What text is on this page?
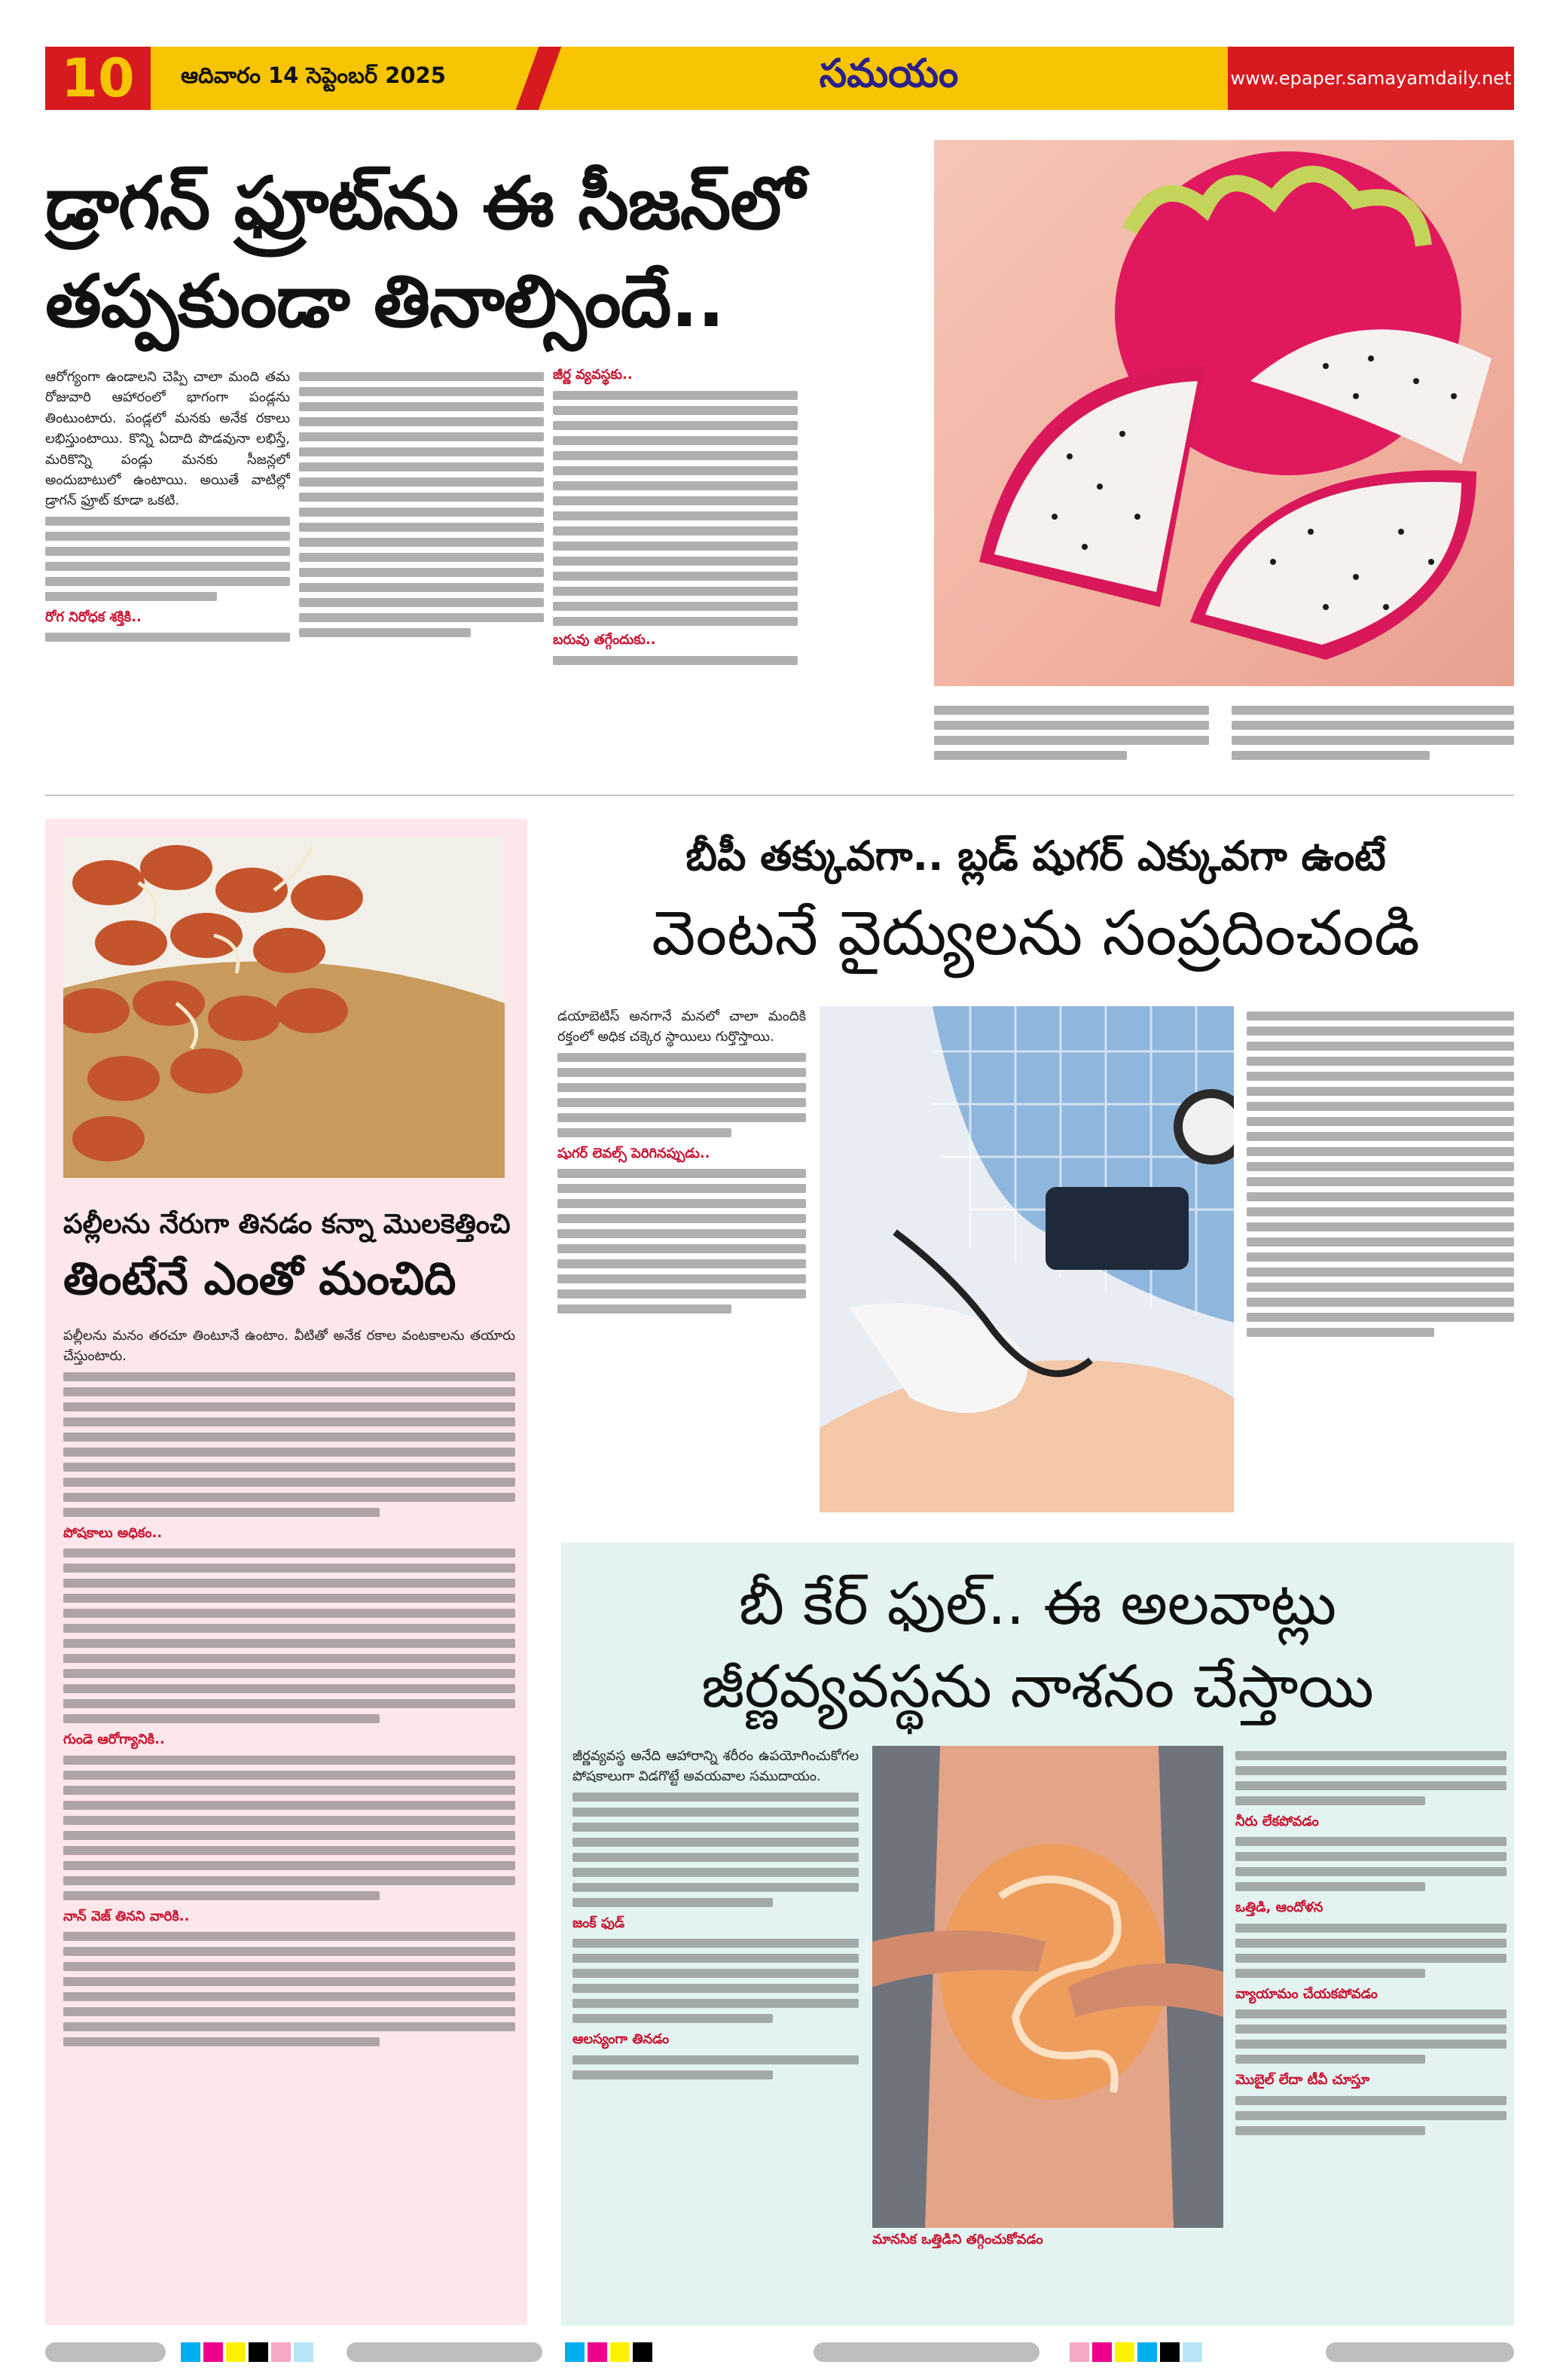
10	ఆదివారం 14 సెప్టెంబర్ 2025	సమయం	www.epaper.samayamdaily.net
డ్రాగన్ ఫ్రూట్‌ను ఈ సీజన్‌లో
తప్పకుండా తినాల్సిందే..

ఆరోగ్యంగా ఉండాలని చెప్పి చాలా మంది తమ రోజువారి ఆహారంలో భాగంగా పండ్లను తింటుంటారు. పండ్లలో మనకు అనేక రకాలు లభిస్తుంటాయి. కొన్ని ఏదాది పొడవునా లభిస్తే, మరికొన్ని పండ్లు మనకు సీజన్లలో అందుబాటులో ఉంటాయి. అయితే వాటిల్లో డ్రాగన్ ఫ్రూట్ కూడా ఒకటి.

రోగ నిరోధక శక్తికి..

జీర్ణ వ్యవస్థకు..
బరువు తగ్గేందుకు..
పల్లీలను నేరుగా తినడం కన్నా మొలకెత్తించి
తింటేనే ఎంతో మంచిది

పల్లీలను మనం తరచూ తింటూనే ఉంటాం. వీటితో అనేక రకాల వంటకాలను తయారు చేస్తుంటారు.

పోషకాలు అధికం..

గుండె ఆరోగ్యానికి..

నాన్ వెజ్ తినని వారికి..

బీపీ తక్కువగా.. బ్లడ్ షుగర్ ఎక్కువగా ఉంటే
వెంటనే వైద్యులను సంప్రదించండి

డయాబెటిస్ అనగానే మనలో చాలా మందికి రక్తంలో అధిక చక్కెర స్థాయిలు గుర్తొస్తాయి.

షుగర్ లెవల్స్ పెరిగినప్పుడు..

బీ కేర్ ఫుల్.. ఈ అలవాట్లు
జీర్ణవ్యవస్థను నాశనం చేస్తాయి

జీర్ణవ్యవస్థ అనేది ఆహారాన్ని శరీరం ఉపయోగించుకోగల పోషకాలుగా విడగొట్టే అవయవాల సముదాయం.

జంక్ ఫుడ్

ఆలస్యంగా తినడం

మానసిక ఒత్తిడిని తగ్గించుకోవడం

నీరు లేకపోవడం

ఒత్తిడి, ఆందోళన

వ్యాయామం చేయకపోవడం

మొబైల్ లేదా టీవీ చూస్తూ
